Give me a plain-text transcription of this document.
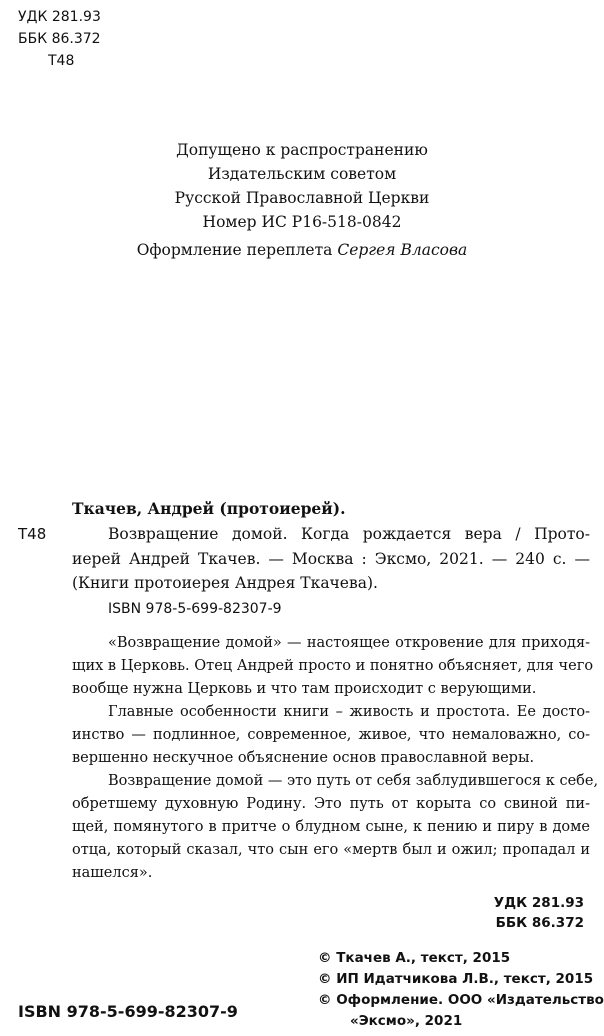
УДК 281.93
ББК 86.372
Т48
Допущено к распространению
Издательским советом
Русской Православной Церкви
Номер ИС Р16-518-0842
Оформление переплета Сергея Власова
Ткачев, Андрей (протоиерей).
Т48	Возвращение домой. Когда рождается вера / Прото-
иерей Андрей Ткачев. — Москва : Эксмо, 2021. — 240 с. —
(Книги протоиерея Андрея Ткачева).
ISBN 978-5-699-82307-9
«Возвращение домой» — настоящее откровение для приходя-
щих в Церковь. Отец Андрей просто и понятно объясняет, для чего
вообще нужна Церковь и что там происходит с верующими.
Главные особенности книги – живость и простота. Ее досто-
инство — подлинное, современное, живое, что немаловажно, со-
вершенно нескучное объяснение основ православной веры.
Возвращение домой — это путь от себя заблудившегося к себе,
обретшему духовную Родину. Это путь от корыта со свиной пи-
щей, помянутого в притче о блудном сыне, к пению и пиру в доме
отца, который сказал, что сын его «мертв был и ожил; пропадал и
нашелся».
УДК 281.93
ББК 86.372
© Ткачев А., текст, 2015
© ИП Идатчикова Л.В., текст, 2015
© Оформление. ООО «Издательство
«Эксмо», 2021
ISBN 978-5-699-82307-9
